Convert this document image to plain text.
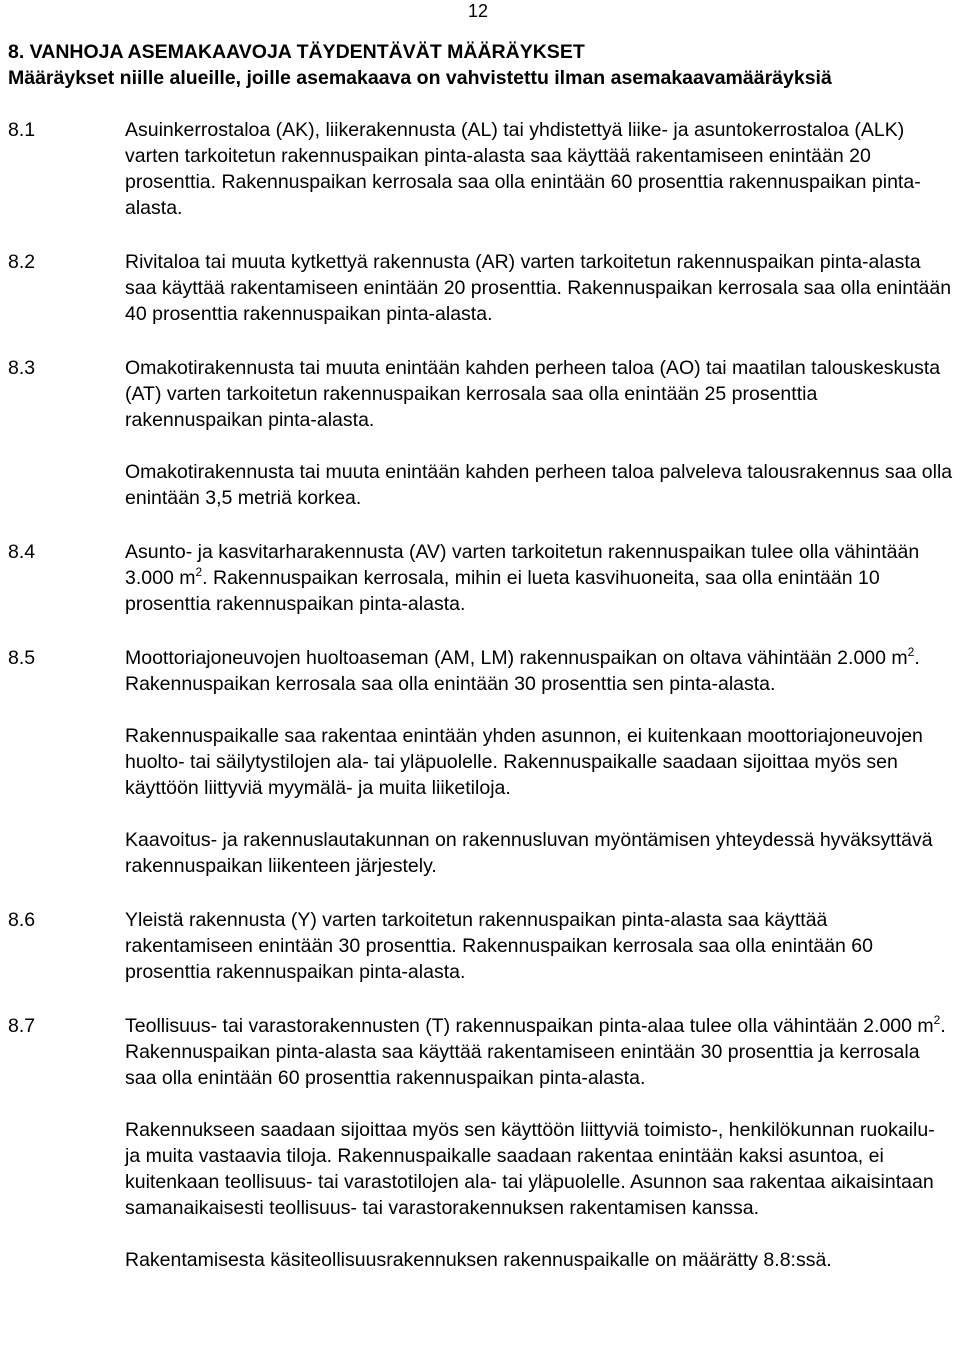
12
8. VANHOJA ASEMAKAAVOJA TÄYDENTÄVÄT MÄÄRÄYKSET
Määräykset niille alueille, joille asemakaava on vahvistettu ilman asemakaavamääräyksiä
8.1	Asuinkerrostaloa (AK), liikerakennusta (AL) tai yhdistettyä liike- ja asuntokerrostaloa (ALK) varten tarkoitetun rakennuspaikan pinta-alasta saa käyttää rakentamiseen enintään 20 prosenttia. Rakennuspaikan kerrosala saa olla enintään 60 prosenttia rakennuspaikan pinta-alasta.

8.2	Rivitaloa tai muuta kytkettyä rakennusta (AR) varten tarkoitetun rakennuspaikan pinta-alasta saa käyttää rakentamiseen enintään 20 prosenttia. Rakennuspaikan kerrosala saa olla enintään 40 prosenttia rakennuspaikan pinta-alasta.

8.3	Omakotirakennusta tai muuta enintään kahden perheen taloa (AO) tai maatilan talouskeskusta (AT) varten tarkoitetun rakennuspaikan kerrosala saa olla enintään 25 prosenttia rakennuspaikan pinta-alasta.

Omakotirakennusta tai muuta enintään kahden perheen taloa palveleva talousrakennus saa olla enintään 3,5 metriä korkea.

8.4	Asunto- ja kasvitarharakennusta (AV) varten tarkoitetun rakennuspaikan tulee olla vähintään 3.000 $m^2$. Rakennuspaikan kerrosala, mihin ei lueta kasvihuoneita, saa olla enintään 10 prosenttia rakennuspaikan pinta-alasta.

8.5	Moottoriajoneuvojen huoltoaseman (AM, LM) rakennuspaikan on oltava vähintään 2.000 $m^2$. Rakennuspaikan kerrosala saa olla enintään 30 prosenttia sen pinta-alasta.

Rakennuspaikalle saa rakentaa enintään yhden asunnon, ei kuitenkaan moottoriajoneuvojen huolto- tai säilytystilojen ala- tai yläpuolelle. Rakennuspaikalle saadaan sijoittaa myös sen käyttöön liittyviä myymälä- ja muita liiketiloja.

Kaavoitus- ja rakennuslautakunnan on rakennusluvan myöntämisen yhteydessä hyväksyttävä rakennuspaikan liikenteen järjestely.

8.6	Yleistä rakennusta (Y) varten tarkoitetun rakennuspaikan pinta-alasta saa käyttää rakentamiseen enintään 30 prosenttia. Rakennuspaikan kerrosala saa olla enintään 60 prosenttia rakennuspaikan pinta-alasta.

8.7	Teollisuus- tai varastorakennusten (T) rakennuspaikan pinta-alaa tulee olla vähintään 2.000 $m^2$. Rakennuspaikan pinta-alasta saa käyttää rakentamiseen enintään 30 prosenttia ja kerrosala saa olla enintään 60 prosenttia rakennuspaikan pinta-alasta.

Rakennukseen saadaan sijoittaa myös sen käyttöön liittyviä toimisto-, henkilökunnan ruokailu- ja muita vastaavia tiloja. Rakennuspaikalle saadaan rakentaa enintään kaksi asuntoa, ei kuitenkaan teollisuus- tai varastotilojen ala- tai yläpuolelle. Asunnon saa rakentaa aikaisintaan samanaikaisesti teollisuus- tai varastorakennuksen rakentamisen kanssa.

Rakentamisesta käsiteollisuusrakennuksen rakennuspaikalle on määrätty 8.8:ssä.
